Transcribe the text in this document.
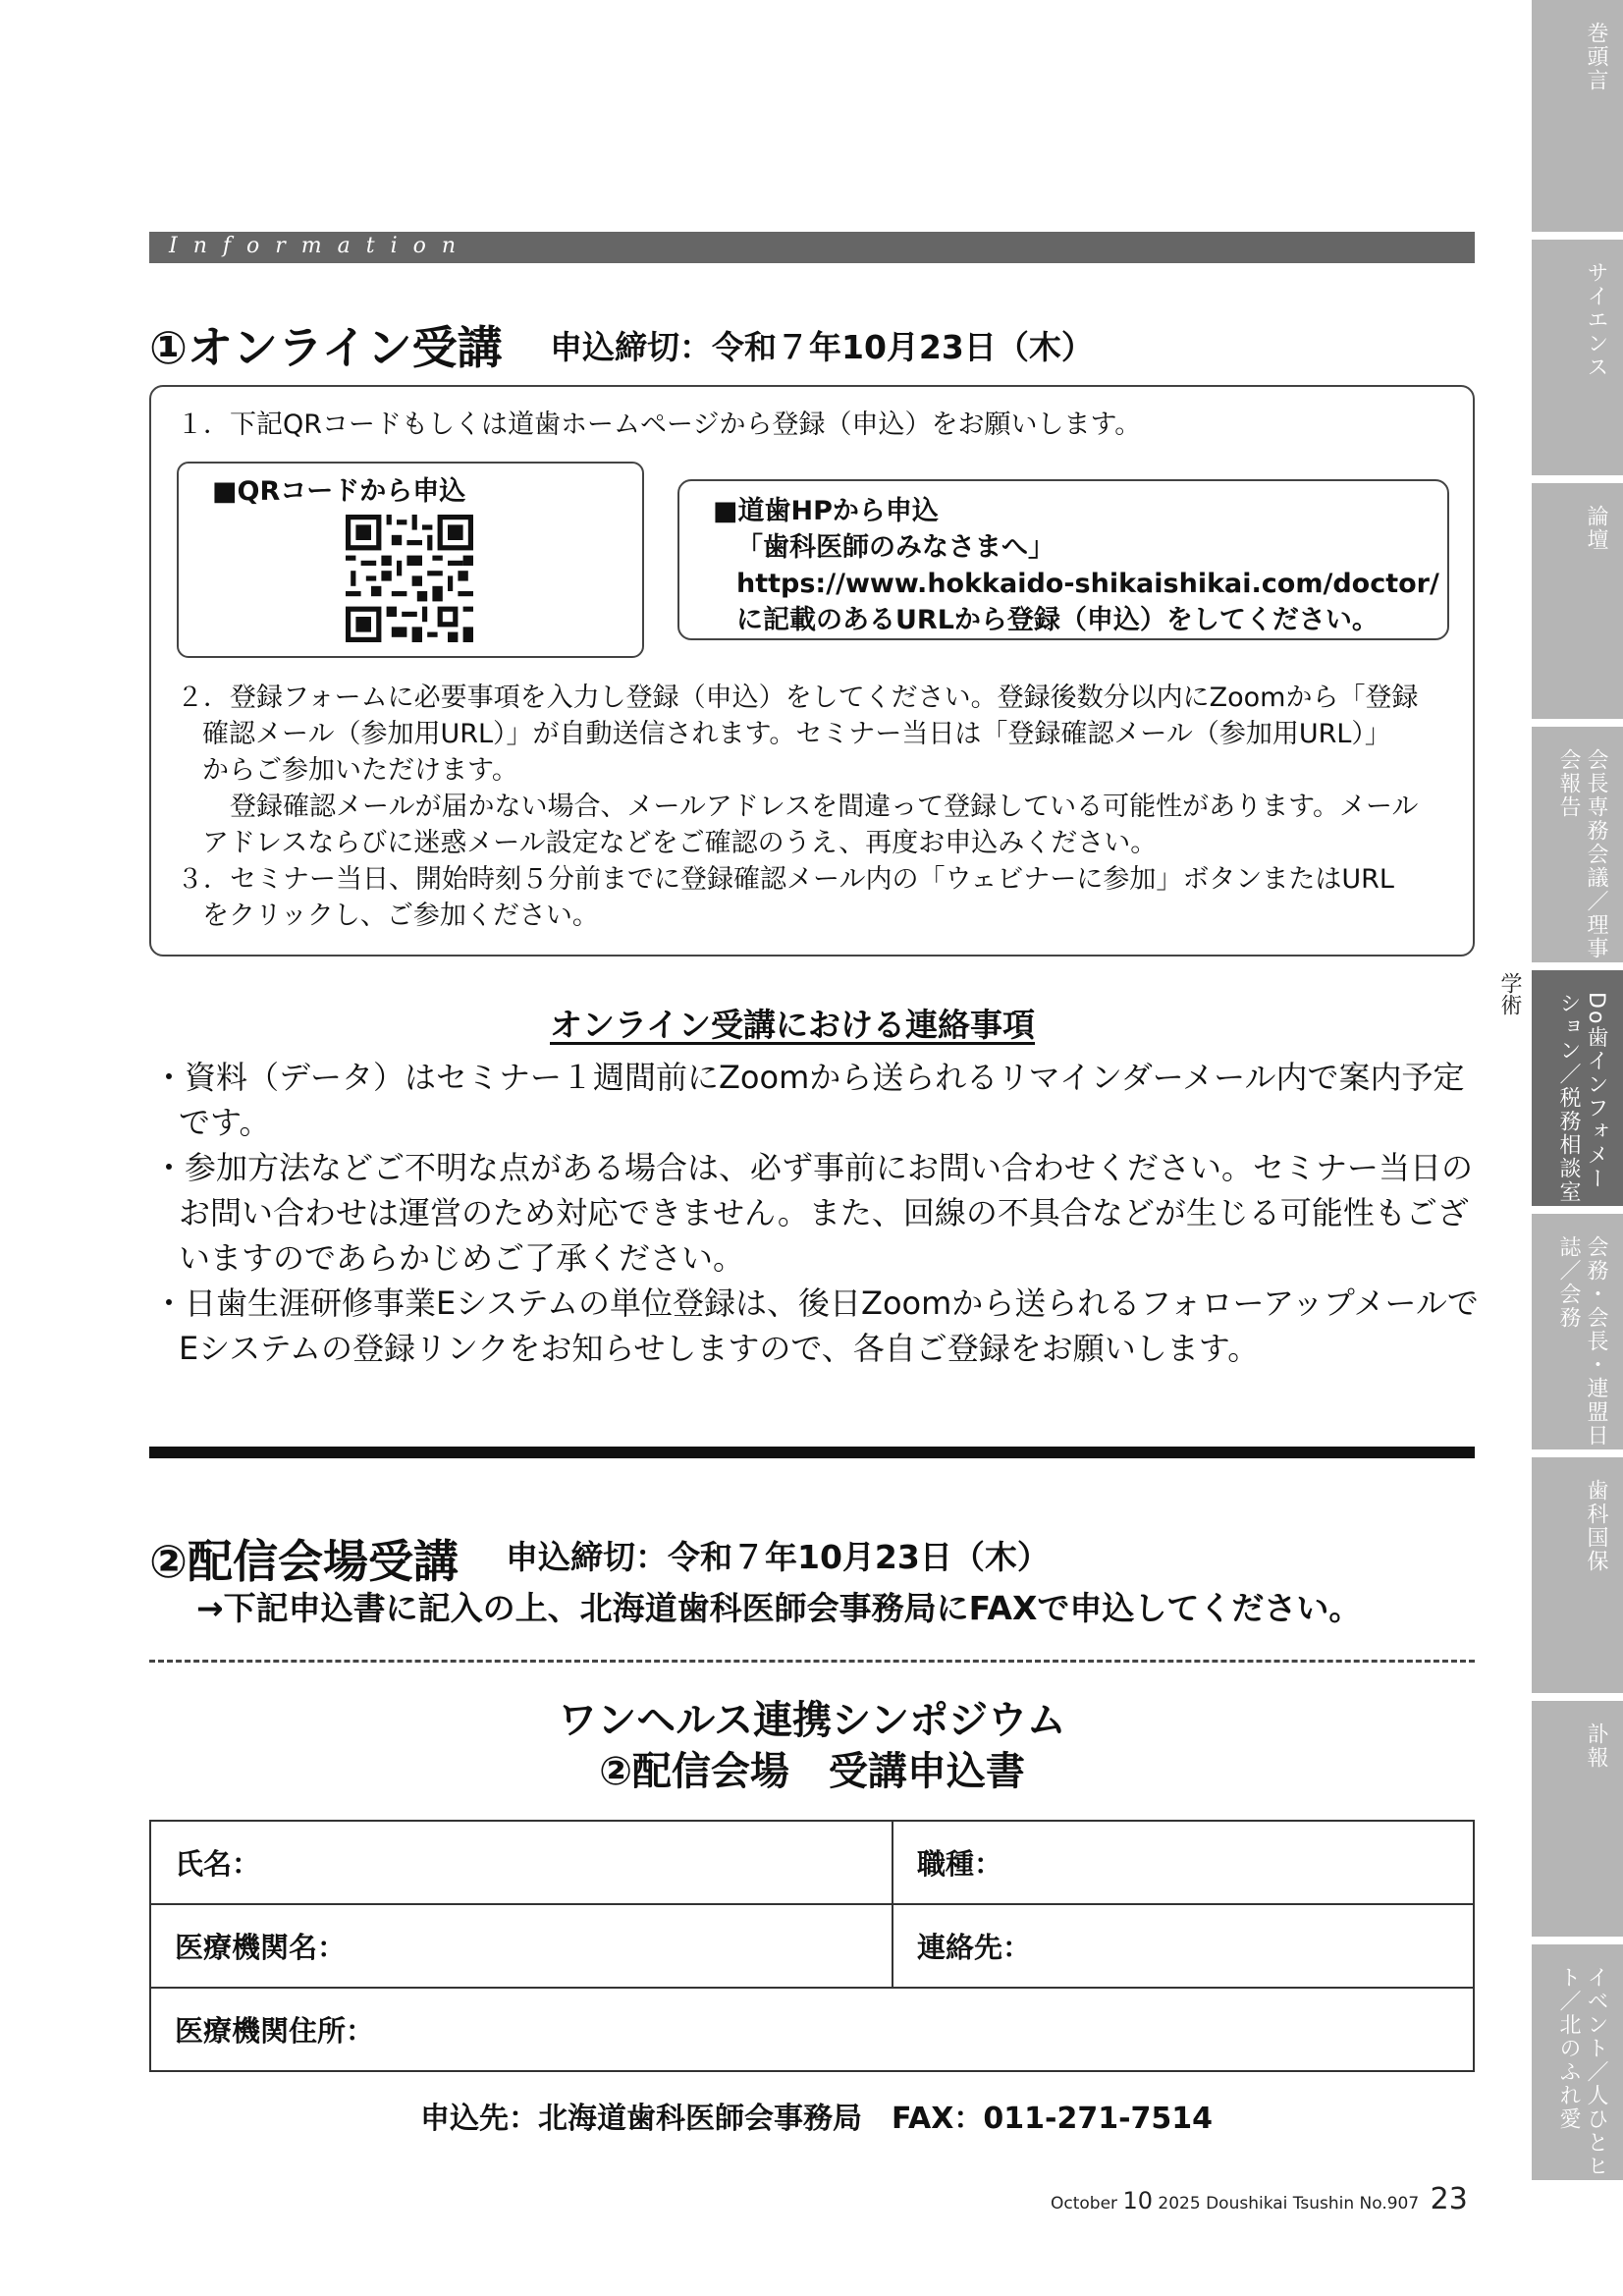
Information
①オンライン受講 申込締切：令和７年10月23日（木）
１．下記QRコードもしくは道歯ホームページから登録（申込）をお願いします。
■QRコードから申込
■道歯HPから申込
「歯科医師のみなさまへ」
https://www.hokkaido-shikaishikai.com/doctor/
に記載のあるURLから登録（申込）をしてください。
２．登録フォームに必要事項を入力し登録（申込）をしてください。登録後数分以内にZoomから「登録
確認メール（参加用URL）」が自動送信されます。セミナー当日は「登録確認メール（参加用URL）」
からご参加いただけます。
登録確認メールが届かない場合、メールアドレスを間違って登録している可能性があります。メール
アドレスならびに迷惑メール設定などをご確認のうえ、再度お申込みください。
３．セミナー当日、開始時刻５分前までに登録確認メール内の「ウェビナーに参加」ボタンまたはURL
をクリックし、ご参加ください。
オンライン受講における連絡事項
・資料（データ）はセミナー１週間前にZoomから送られるリマインダーメール内で案内予定
です。
・参加方法などご不明な点がある場合は、必ず事前にお問い合わせください。セミナー当日の
お問い合わせは運営のため対応できません。また、回線の不具合などが生じる可能性もござ
いますのであらかじめご了承ください。
・日歯生涯研修事業Eシステムの単位登録は、後日Zoomから送られるフォローアップメールで
Eシステムの登録リンクをお知らせしますので、各自ご登録をお願いします。
②配信会場受講 申込締切：令和７年10月23日（木）
→下記申込書に記入の上、北海道歯科医師会事務局にFAXで申込してください。
ワンヘルス連携シンポジウム
②配信会場　受講申込書
氏名：	職種：
医療機関名：	連絡先：
医療機関住所：	
申込先：北海道歯科医師会事務局　FAX：011-271-7514
October 10 2025 Doushikai Tsushin No.907 23
学術
巻頭言
サイエンス
論壇
会長専務会議／理事会報告
Do歯インフォメーション／税務相談室
会務・会長・連盟日誌／会務
歯科国保
訃報
イベント／人ひとヒト／北のふれ愛
